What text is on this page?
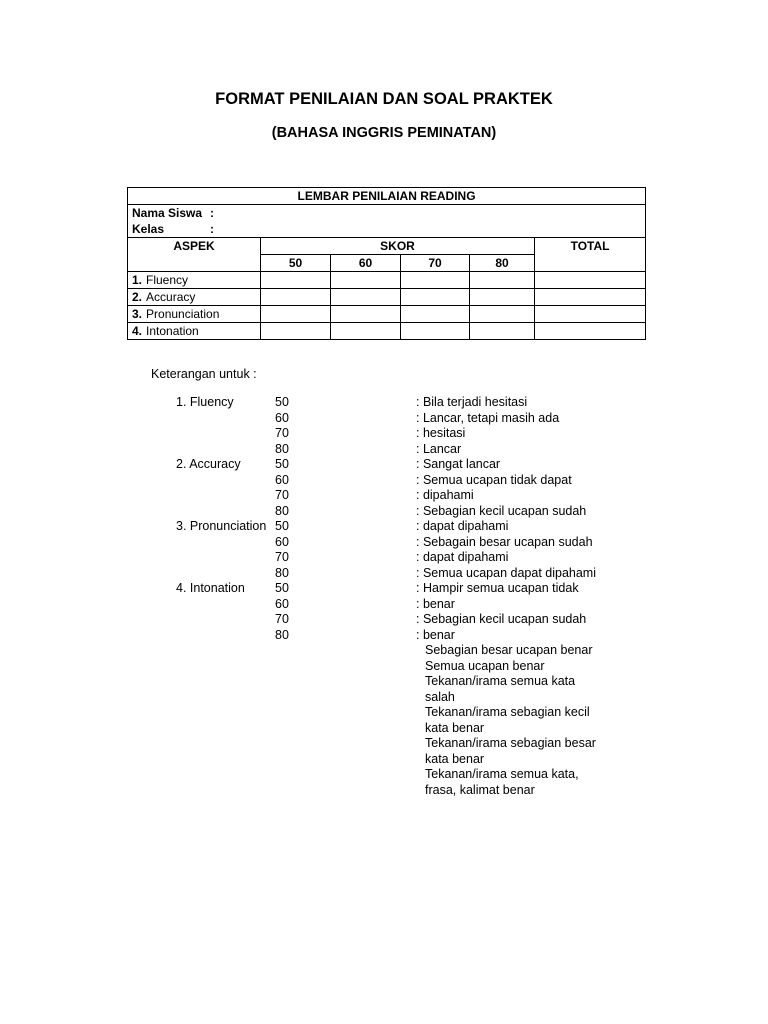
FORMAT PENILAIAN DAN SOAL PRAKTEK
(BAHASA INGGRIS PEMINATAN)
LEMBAR PENILAIAN READING					

Nama Siswa :
Kelas :					

ASPEK	SKOR				TOTAL
	50	60	70	80	
1. Fluency					
2. Accuracy					
3. Pronunciation					
4. Intonation					
Keterangan untuk :
1. Fluency	50	: Bila terjadi hesitasi
60	: Lancar, tetapi masih ada
70	: hesitasi
80	: Lancar
2. Accuracy	50	: Sangat lancar
60	: Semua ucapan tidak dapat
70	: dipahami
80	: Sebagian kecil ucapan sudah
3. Pronunciation 50	: dapat dipahami
60	: Sebagain besar ucapan sudah
70	: dapat dipahami
80	: Semua ucapan dapat dipahami
4. Intonation	50	: Hampir semua ucapan tidak
60	: benar
70	: Sebagian kecil ucapan sudah
80	: benar
Sebagian besar ucapan benar
Semua ucapan benar
Tekanan/irama semua kata
salah
Tekanan/irama sebagian kecil
kata benar
Tekanan/irama sebagian besar
kata benar
Tekanan/irama semua kata,
frasa, kalimat benar
